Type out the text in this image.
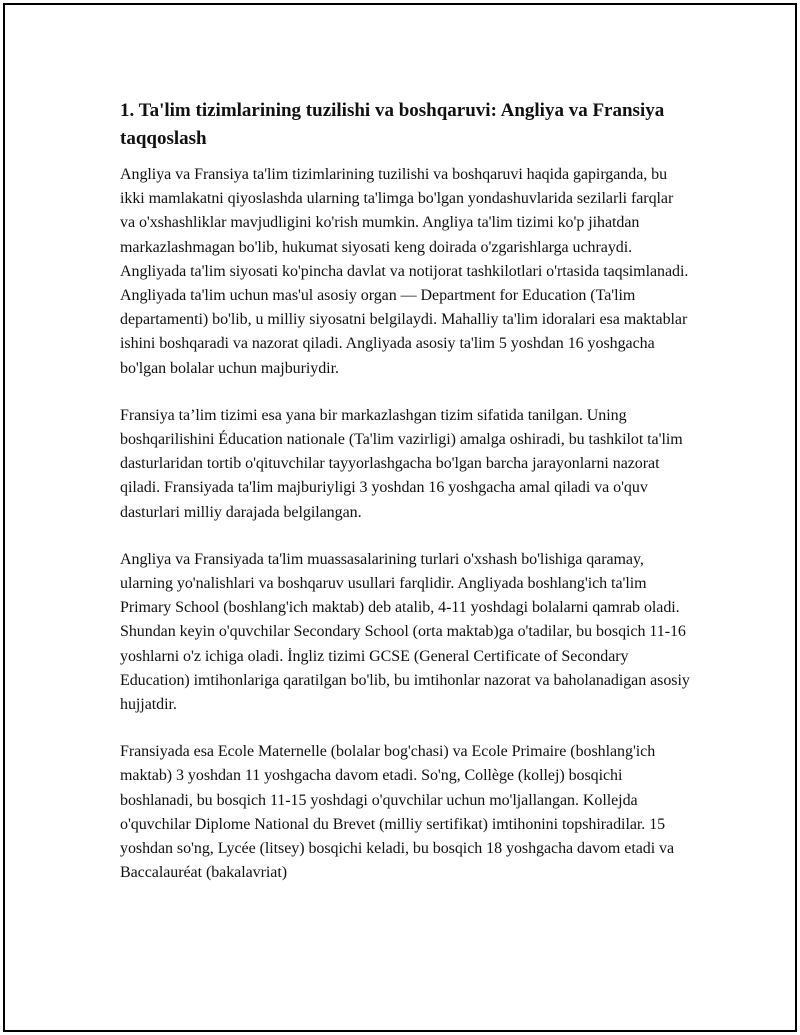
1. Ta'lim tizimlarining tuzilishi va boshqaruvi: Angliya va Fransiya taqqoslash

Angliya va Fransiya ta'lim tizimlarining tuzilishi va boshqaruvi haqida gapirganda, bu ikki mamlakatni qiyoslashda ularning ta'limga bo'lgan yondashuvlarida sezilarli farqlar va o'xshashliklar mavjudligini ko'rish mumkin. Angliya ta'lim tizimi ko'p jihatdan markazlashmagan bo'lib, hukumat siyosati keng doirada o'zgarishlarga uchraydi. Angliyada ta'lim siyosati ko'pincha davlat va notijorat tashkilotlari o'rtasida taqsimlanadi. Angliyada ta'lim uchun mas'ul asosiy organ — Department for Education (Ta'lim departamenti) bo'lib, u milliy siyosatni belgilaydi. Mahalliy ta'lim idoralari esa maktablar ishini boshqaradi va nazorat qiladi. Angliyada asosiy ta'lim 5 yoshdan 16 yoshgacha bo'lgan bolalar uchun majburiydir.

Fransiya ta’lim tizimi esa yana bir markazlashgan tizim sifatida tanilgan. Uning boshqarilishini Éducation nationale (Ta'lim vazirligi) amalga oshiradi, bu tashkilot ta'lim dasturlaridan tortib o'qituvchilar tayyorlashgacha bo'lgan barcha jarayonlarni nazorat qiladi. Fransiyada ta'lim majburiyligi 3 yoshdan 16 yoshgacha amal qiladi va o'quv dasturlari milliy darajada belgilangan.

Angliya va Fransiyada ta'lim muassasalarining turlari o'xshash bo'lishiga qaramay, ularning yo'nalishlari va boshqaruv usullari farqlidir. Angliyada boshlang'ich ta'lim Primary School (boshlang'ich maktab) deb atalib, 4-11 yoshdagi bolalarni qamrab oladi. Shundan keyin o'quvchilar Secondary School (orta maktab)ga o'tadilar, bu bosqich 11-16 yoshlarni o'z ichiga oladi. İngliz tizimi GCSE (General Certificate of Secondary Education) imtihonlariga qaratilgan bo'lib, bu imtihonlar nazorat va baholanadigan asosiy hujjatdir.

Fransiyada esa Ecole Maternelle (bolalar bog'chasi) va Ecole Primaire (boshlang'ich maktab) 3 yoshdan 11 yoshgacha davom etadi. So'ng, Collège (kollej) bosqichi boshlanadi, bu bosqich 11-15 yoshdagi o'quvchilar uchun mo'ljallangan. Kollejda o'quvchilar Diplome National du Brevet (milliy sertifikat) imtihonini topshiradilar. 15 yoshdan so'ng, Lycée (litsey) bosqichi keladi, bu bosqich 18 yoshgacha davom etadi va Baccalauréat (bakalavriat)
